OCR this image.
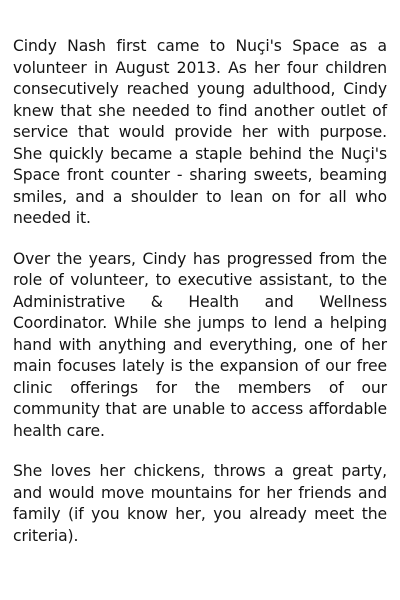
Cindy Nash first came to Nuçi's Space as a volunteer in August 2013. As her four children consecutively reached young adulthood, Cindy knew that she needed to find another outlet of service that would provide her with purpose. She quickly became a staple behind the Nuçi's Space front counter - sharing sweets, beaming smiles, and a shoulder to lean on for all who needed it.

Over the years, Cindy has progressed from the role of volunteer, to executive assistant, to the Administrative & Health and Wellness Coordinator. While she jumps to lend a helping hand with anything and everything, one of her main focuses lately is the expansion of our free clinic offerings for the members of our community that are unable to access affordable health care.

She loves her chickens, throws a great party, and would move mountains for her friends and family (if you know her, you already meet the criteria).
